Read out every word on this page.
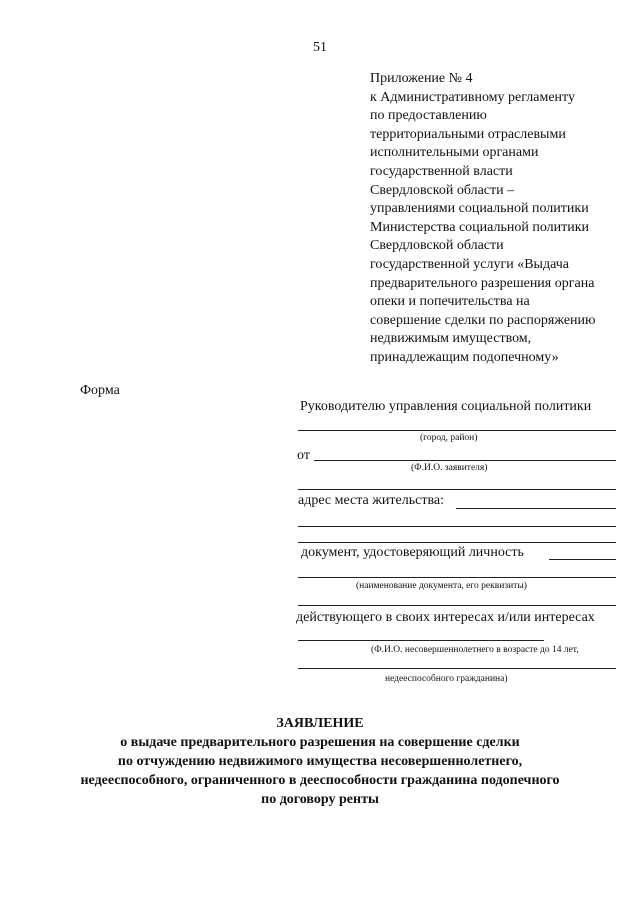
51
Приложение № 4
к Административному регламенту
по предоставлению
территориальными отраслевыми
исполнительными органами
государственной власти
Свердловской области –
управлениями социальной политики
Министерства социальной политики
Свердловской области
государственной услуги «Выдача
предварительного разрешения органа
опеки и попечительства на
совершение сделки по распоряжению
недвижимым имуществом,
принадлежащим подопечному»
Форма
Руководителю управления социальной политики
(город, район)
от
(Ф.И.О. заявителя)
адрес места жительства:
документ, удостоверяющий личность
(наименование документа, его реквизиты)
действующего в своих интересах и/или интересах
(Ф.И.О. несовершеннолетнего в возрасте до 14 лет,
недееспособного гражданина)
ЗАЯВЛЕНИЕ
о выдаче предварительного разрешения на совершение сделки
по отчуждению недвижимого имущества несовершеннолетнего,
недееспособного, ограниченного в дееспособности гражданина подопечного
по договору ренты
